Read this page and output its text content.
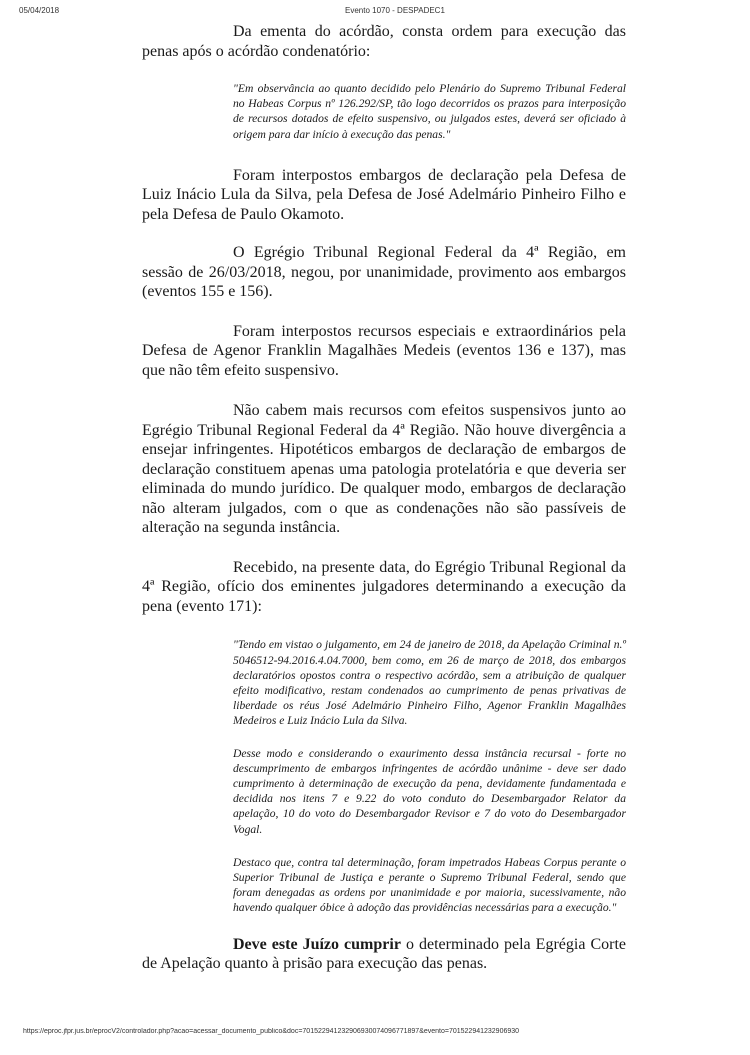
05/04/2018	Evento 1070 - DESPADEC1

Da ementa do acórdão, consta ordem para execução das penas após o acórdão condenatório:

"Em observância ao quanto decidido pelo Plenário do Supremo Tribunal Federal no Habeas Corpus nº 126.292/SP, tão logo decorridos os prazos para interposição de recursos dotados de efeito suspensivo, ou julgados estes, deverá ser oficiado à origem para dar início à execução das penas."

Foram interpostos embargos de declaração pela Defesa de Luiz Inácio Lula da Silva, pela Defesa de José Adelmário Pinheiro Filho e pela Defesa de Paulo Okamoto.

O Egrégio Tribunal Regional Federal da 4ª Região, em sessão de 26/03/2018, negou, por unanimidade, provimento aos embargos (eventos 155 e 156).

Foram interpostos recursos especiais e extraordinários pela Defesa de Agenor Franklin Magalhães Medeis (eventos 136 e 137), mas que não têm efeito suspensivo.

Não cabem mais recursos com efeitos suspensivos junto ao Egrégio Tribunal Regional Federal da 4ª Região. Não houve divergência a ensejar infringentes. Hipotéticos embargos de declaração de embargos de declaração constituem apenas uma patologia protelatória e que deveria ser eliminada do mundo jurídico. De qualquer modo, embargos de declaração não alteram julgados, com o que as condenações não são passíveis de alteração na segunda instância.

Recebido, na presente data, do Egrégio Tribunal Regional da 4ª Região, ofício dos eminentes julgadores determinando a execução da pena (evento 171):

"Tendo em vistao o julgamento, em 24 de janeiro de 2018, da Apelação Criminal n.º 5046512-94.2016.4.04.7000, bem como, em 26 de março de 2018, dos embargos declaratórios opostos contra o respectivo acórdão, sem a atribuição de qualquer efeito modificativo, restam condenados ao cumprimento de penas privativas de liberdade os réus José Adelmário Pinheiro Filho, Agenor Franklin Magalhães Medeiros e Luiz Inácio Lula da Silva.

Desse modo e considerando o exaurimento dessa instância recursal - forte no descumprimento de embargos infringentes de acórdão unânime - deve ser dado cumprimento à determinação de execução da pena, devidamente fundamentada e decidida nos itens 7 e 9.22 do voto conduto do Desembargador Relator da apelação, 10 do voto do Desembargador Revisor e 7 do voto do Desembargador Vogal.

Destaco que, contra tal determinação, foram impetrados Habeas Corpus perante o Superior Tribunal de Justiça e perante o Supremo Tribunal Federal, sendo que foram denegadas as ordens por unanimidade e por maioria, sucessivamente, não havendo qualquer óbice à adoção das providências necessárias para a execução."

Deve este Juízo cumprir o determinado pela Egrégia Corte de Apelação quanto à prisão para execução das penas.

https://eproc.jfpr.jus.br/eprocV2/controlador.php?acao=acessar_documento_publico&doc=701522941232906930074096771897&evento=701522941232906930
